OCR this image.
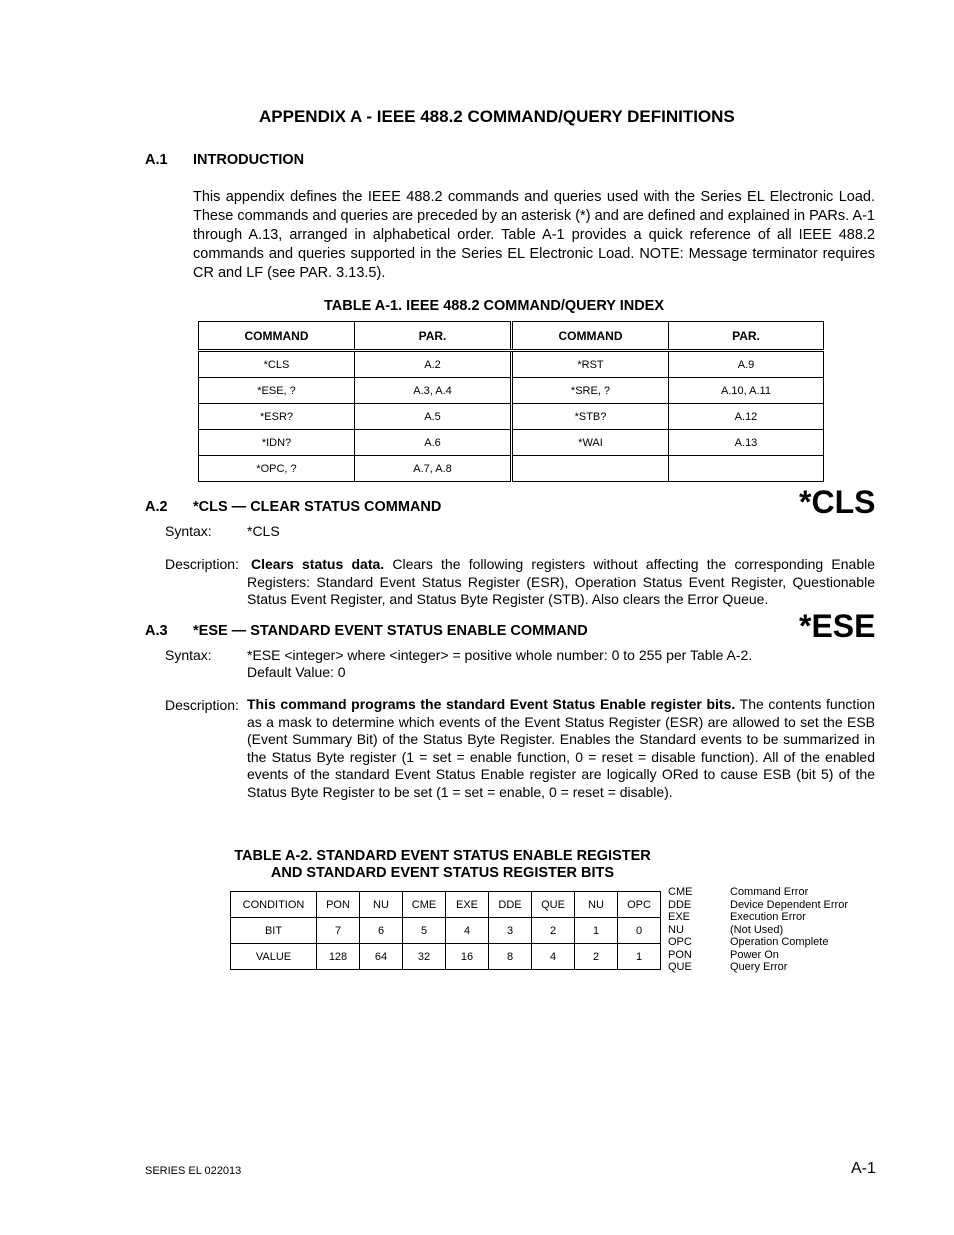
APPENDIX A - IEEE 488.2 COMMAND/QUERY DEFINITIONS
A.1 INTRODUCTION
This appendix defines the IEEE 488.2 commands and queries used with the Series EL Electronic Load. These commands and queries are preceded by an asterisk (*) and are defined and explained in PARs. A-1 through A.13, arranged in alphabetical order. Table A-1 provides a quick reference of all IEEE 488.2 commands and queries supported in the Series EL Electronic Load. NOTE: Message terminator requires CR and LF (see PAR. 3.13.5).
TABLE A-1. IEEE 488.2 COMMAND/QUERY INDEX
COMMAND	PAR.	COMMAND	PAR.
*CLS	A.2	*RST	A.9
*ESE, ?	A.3, A.4	*SRE, ?	A.10, A.11
*ESR?	A.5	*STB?	A.12
*IDN?	A.6	*WAI	A.13
*OPC, ?	A.7, A.8		
A.2 *CLS — CLEAR STATUS COMMAND	*CLS
Syntax:	*CLS
Description: Clears status data. Clears the following registers without affecting the corresponding Enable Registers: Standard Event Status Register (ESR), Operation Status Event Register, Questionable Status Event Register, and Status Byte Register (STB). Also clears the Error Queue.
A.3 *ESE — STANDARD EVENT STATUS ENABLE COMMAND	*ESE
Syntax:	*ESE <integer> where <integer> = positive whole number: 0 to 255 per Table A-2.
Default Value: 0
Description: This command programs the standard Event Status Enable register bits. The contents function as a mask to determine which events of the Event Status Register (ESR) are allowed to set the ESB (Event Summary Bit) of the Status Byte Register. Enables the Standard events to be summarized in the Status Byte register (1 = set = enable function, 0 = reset = disable function). All of the enabled events of the standard Event Status Enable register are logically ORed to cause ESB (bit 5) of the Status Byte Register to be set (1 = set = enable, 0 = reset = disable).
TABLE A-2. STANDARD EVENT STATUS ENABLE REGISTER
AND STANDARD EVENT STATUS REGISTER BITS
CONDITION	PON	NU	CME	EXE	DDE	QUE	NU	OPC
BIT	7	6	5	4	3	2	1	0
VALUE	128	64	32	16	8	4	2	1
CME	Command Error
DDE	Device Dependent Error
EXE	Execution Error
NU	(Not Used)
OPC	Operation Complete
PON	Power On
QUE	Query Error
SERIES EL 022013	A-1
